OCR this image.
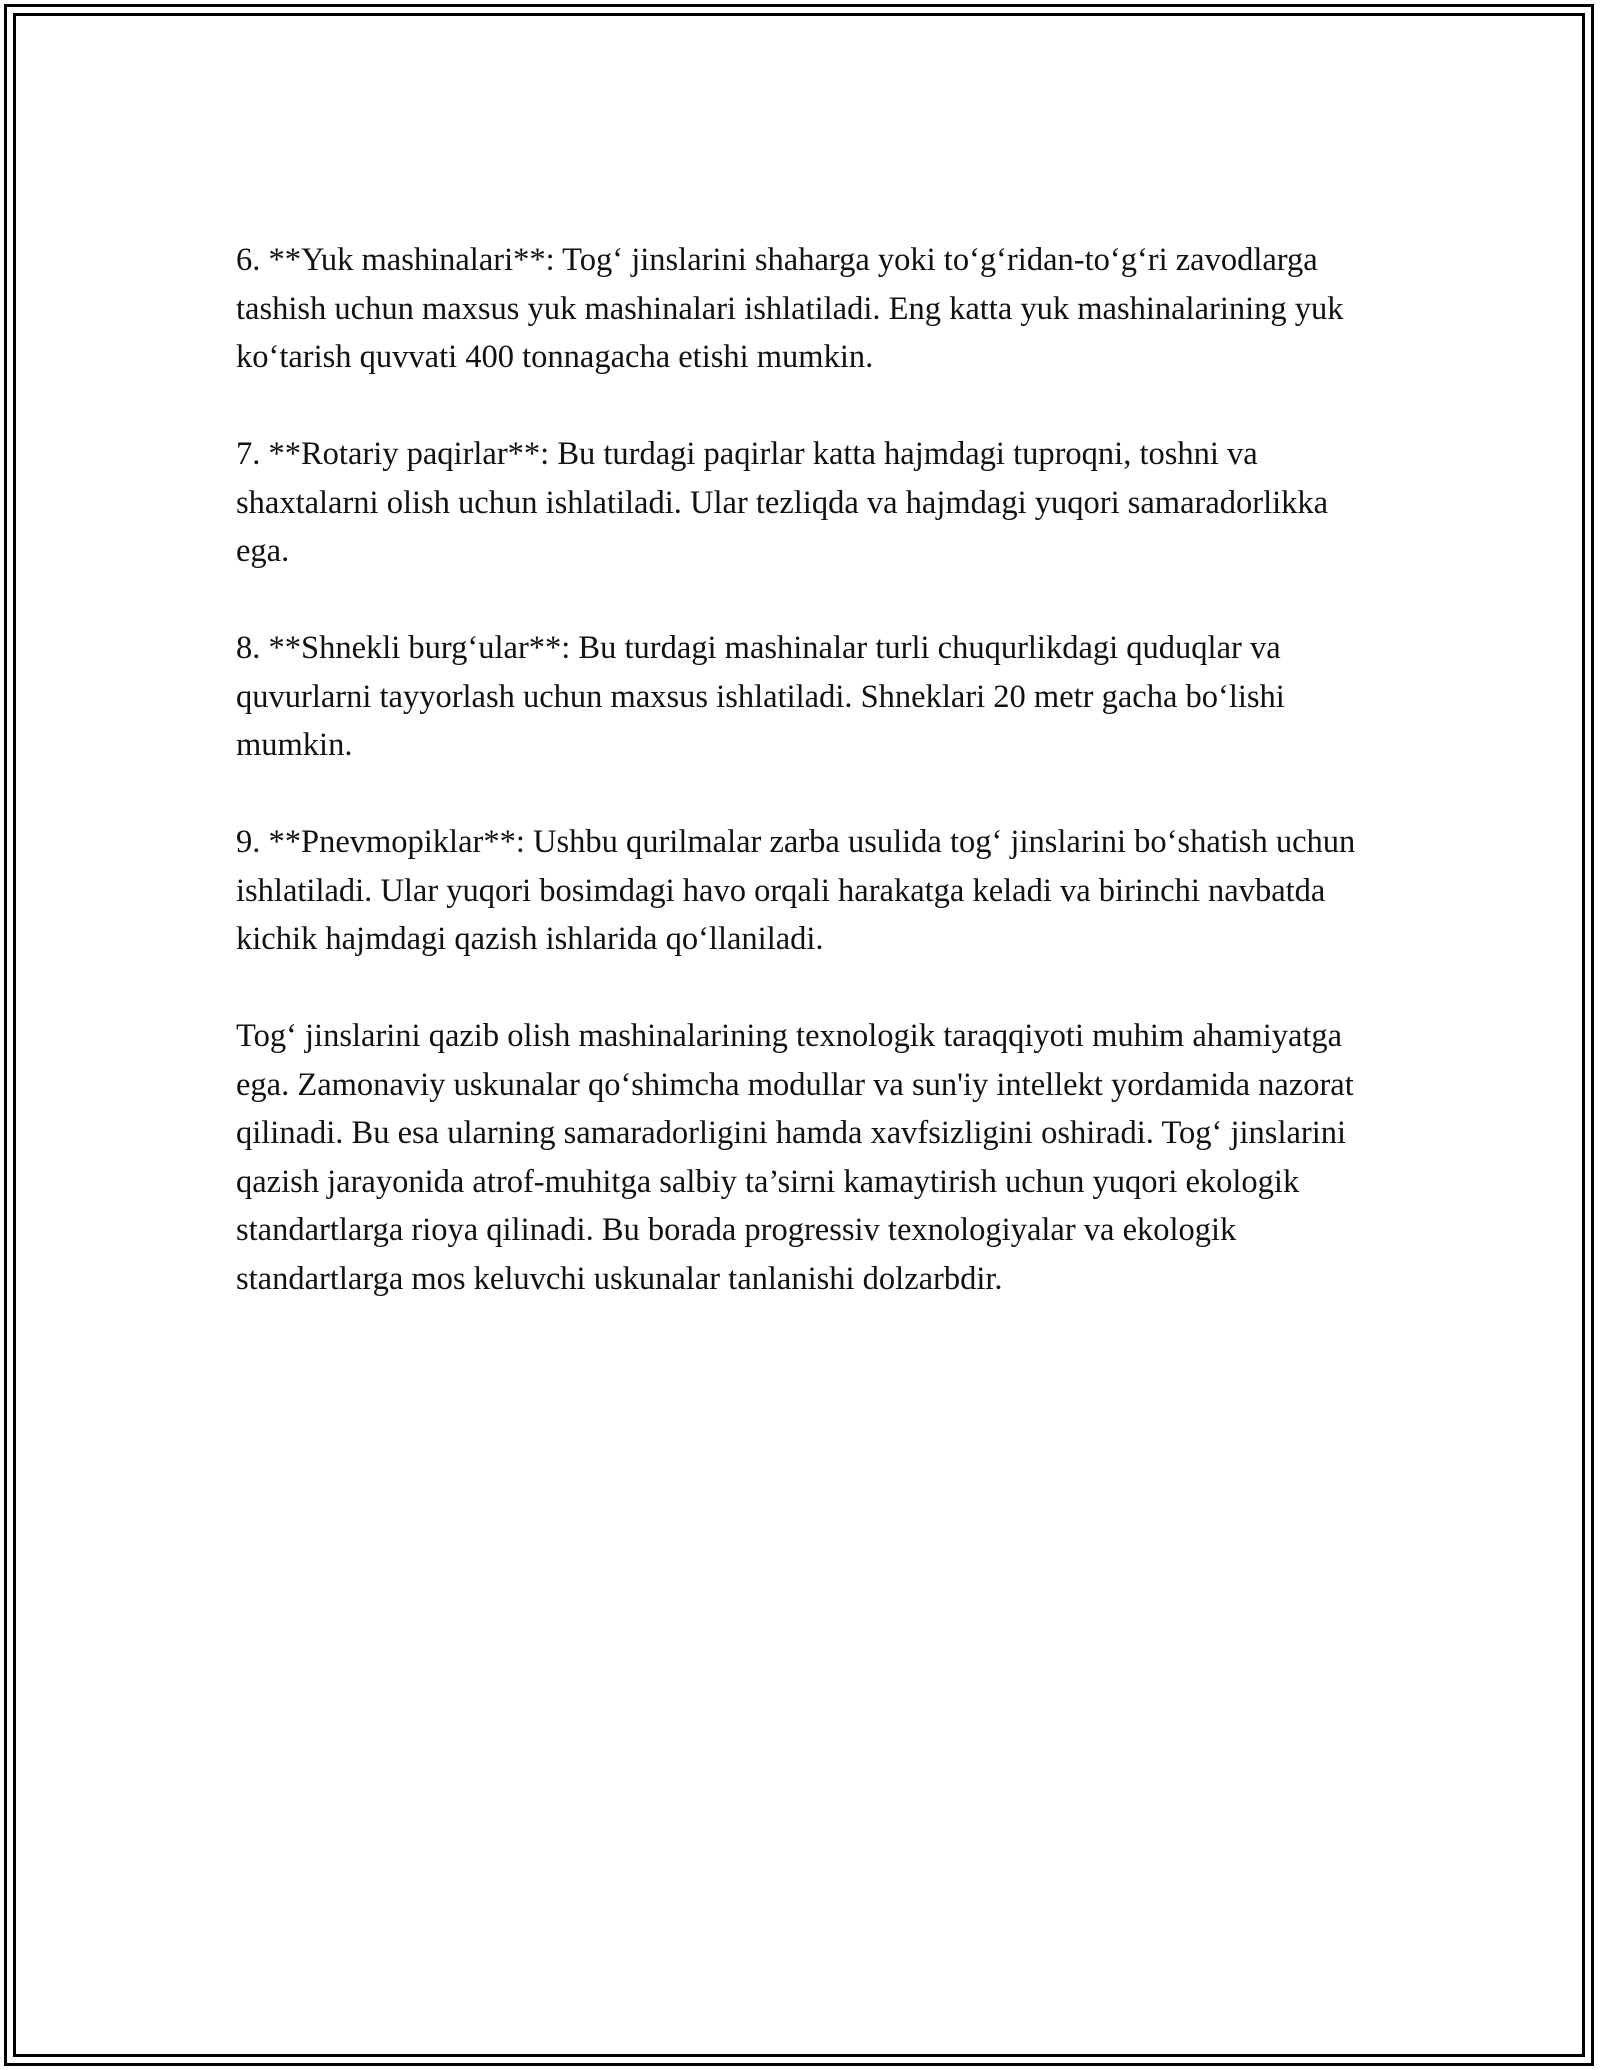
6. **Yuk mashinalari**: Tog‘ jinslarini shaharga yoki to‘g‘ridan-to‘g‘ri zavodlarga tashish uchun maxsus yuk mashinalari ishlatiladi. Eng katta yuk mashinalarining yuk ko‘tarish quvvati 400 tonnagacha etishi mumkin.

7. **Rotariy paqirlar**: Bu turdagi paqirlar katta hajmdagi tuproqni, toshni va shaxtalarni olish uchun ishlatiladi. Ular tezliqda va hajmdagi yuqori samaradorlikka ega.

8. **Shnekli burg‘ular**: Bu turdagi mashinalar turli chuqurlikdagi quduqlar va quvurlarni tayyorlash uchun maxsus ishlatiladi. Shneklari 20 metr gacha bo‘lishi mumkin.

9. **Pnevmopiklar**: Ushbu qurilmalar zarba usulida tog‘ jinslarini bo‘shatish uchun ishlatiladi. Ular yuqori bosimdagi havo orqali harakatga keladi va birinchi navbatda kichik hajmdagi qazish ishlarida qo‘llaniladi.

Tog‘ jinslarini qazib olish mashinalarining texnologik taraqqiyoti muhim ahamiyatga ega. Zamonaviy uskunalar qo‘shimcha modullar va sun'iy intellekt yordamida nazorat qilinadi. Bu esa ularning samaradorligini hamda xavfsizligini oshiradi. Tog‘ jinslarini qazish jarayonida atrof-muhitga salbiy ta’sirni kamaytirish uchun yuqori ekologik standartlarga rioya qilinadi. Bu borada progressiv texnologiyalar va ekologik standartlarga mos keluvchi uskunalar tanlanishi dolzarbdir.
